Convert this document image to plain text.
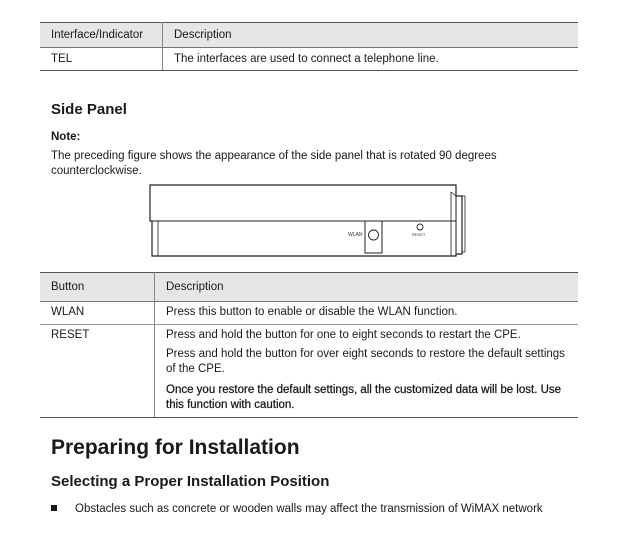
Interface/Indicator	Description
TEL	The interfaces are used to connect a telephone line.
Side Panel

Note:

The preceding figure shows the appearance of the side panel that is rotated 90 degrees counterclockwise.

WLAN	RESET
Button	Description
WLAN	Press this button to enable or disable the WLAN function.

RESET	Press and hold the button for one to eight seconds to restart the CPE.

Press and hold the button for over eight seconds to restore the default settings of the CPE.

Once you restore the default settings, all the customized data will be lost. Use this function with caution.

Preparing for Installation
Selecting a Proper Installation Position
Obstacles such as concrete or wooden walls may affect the transmission of WiMAX network
